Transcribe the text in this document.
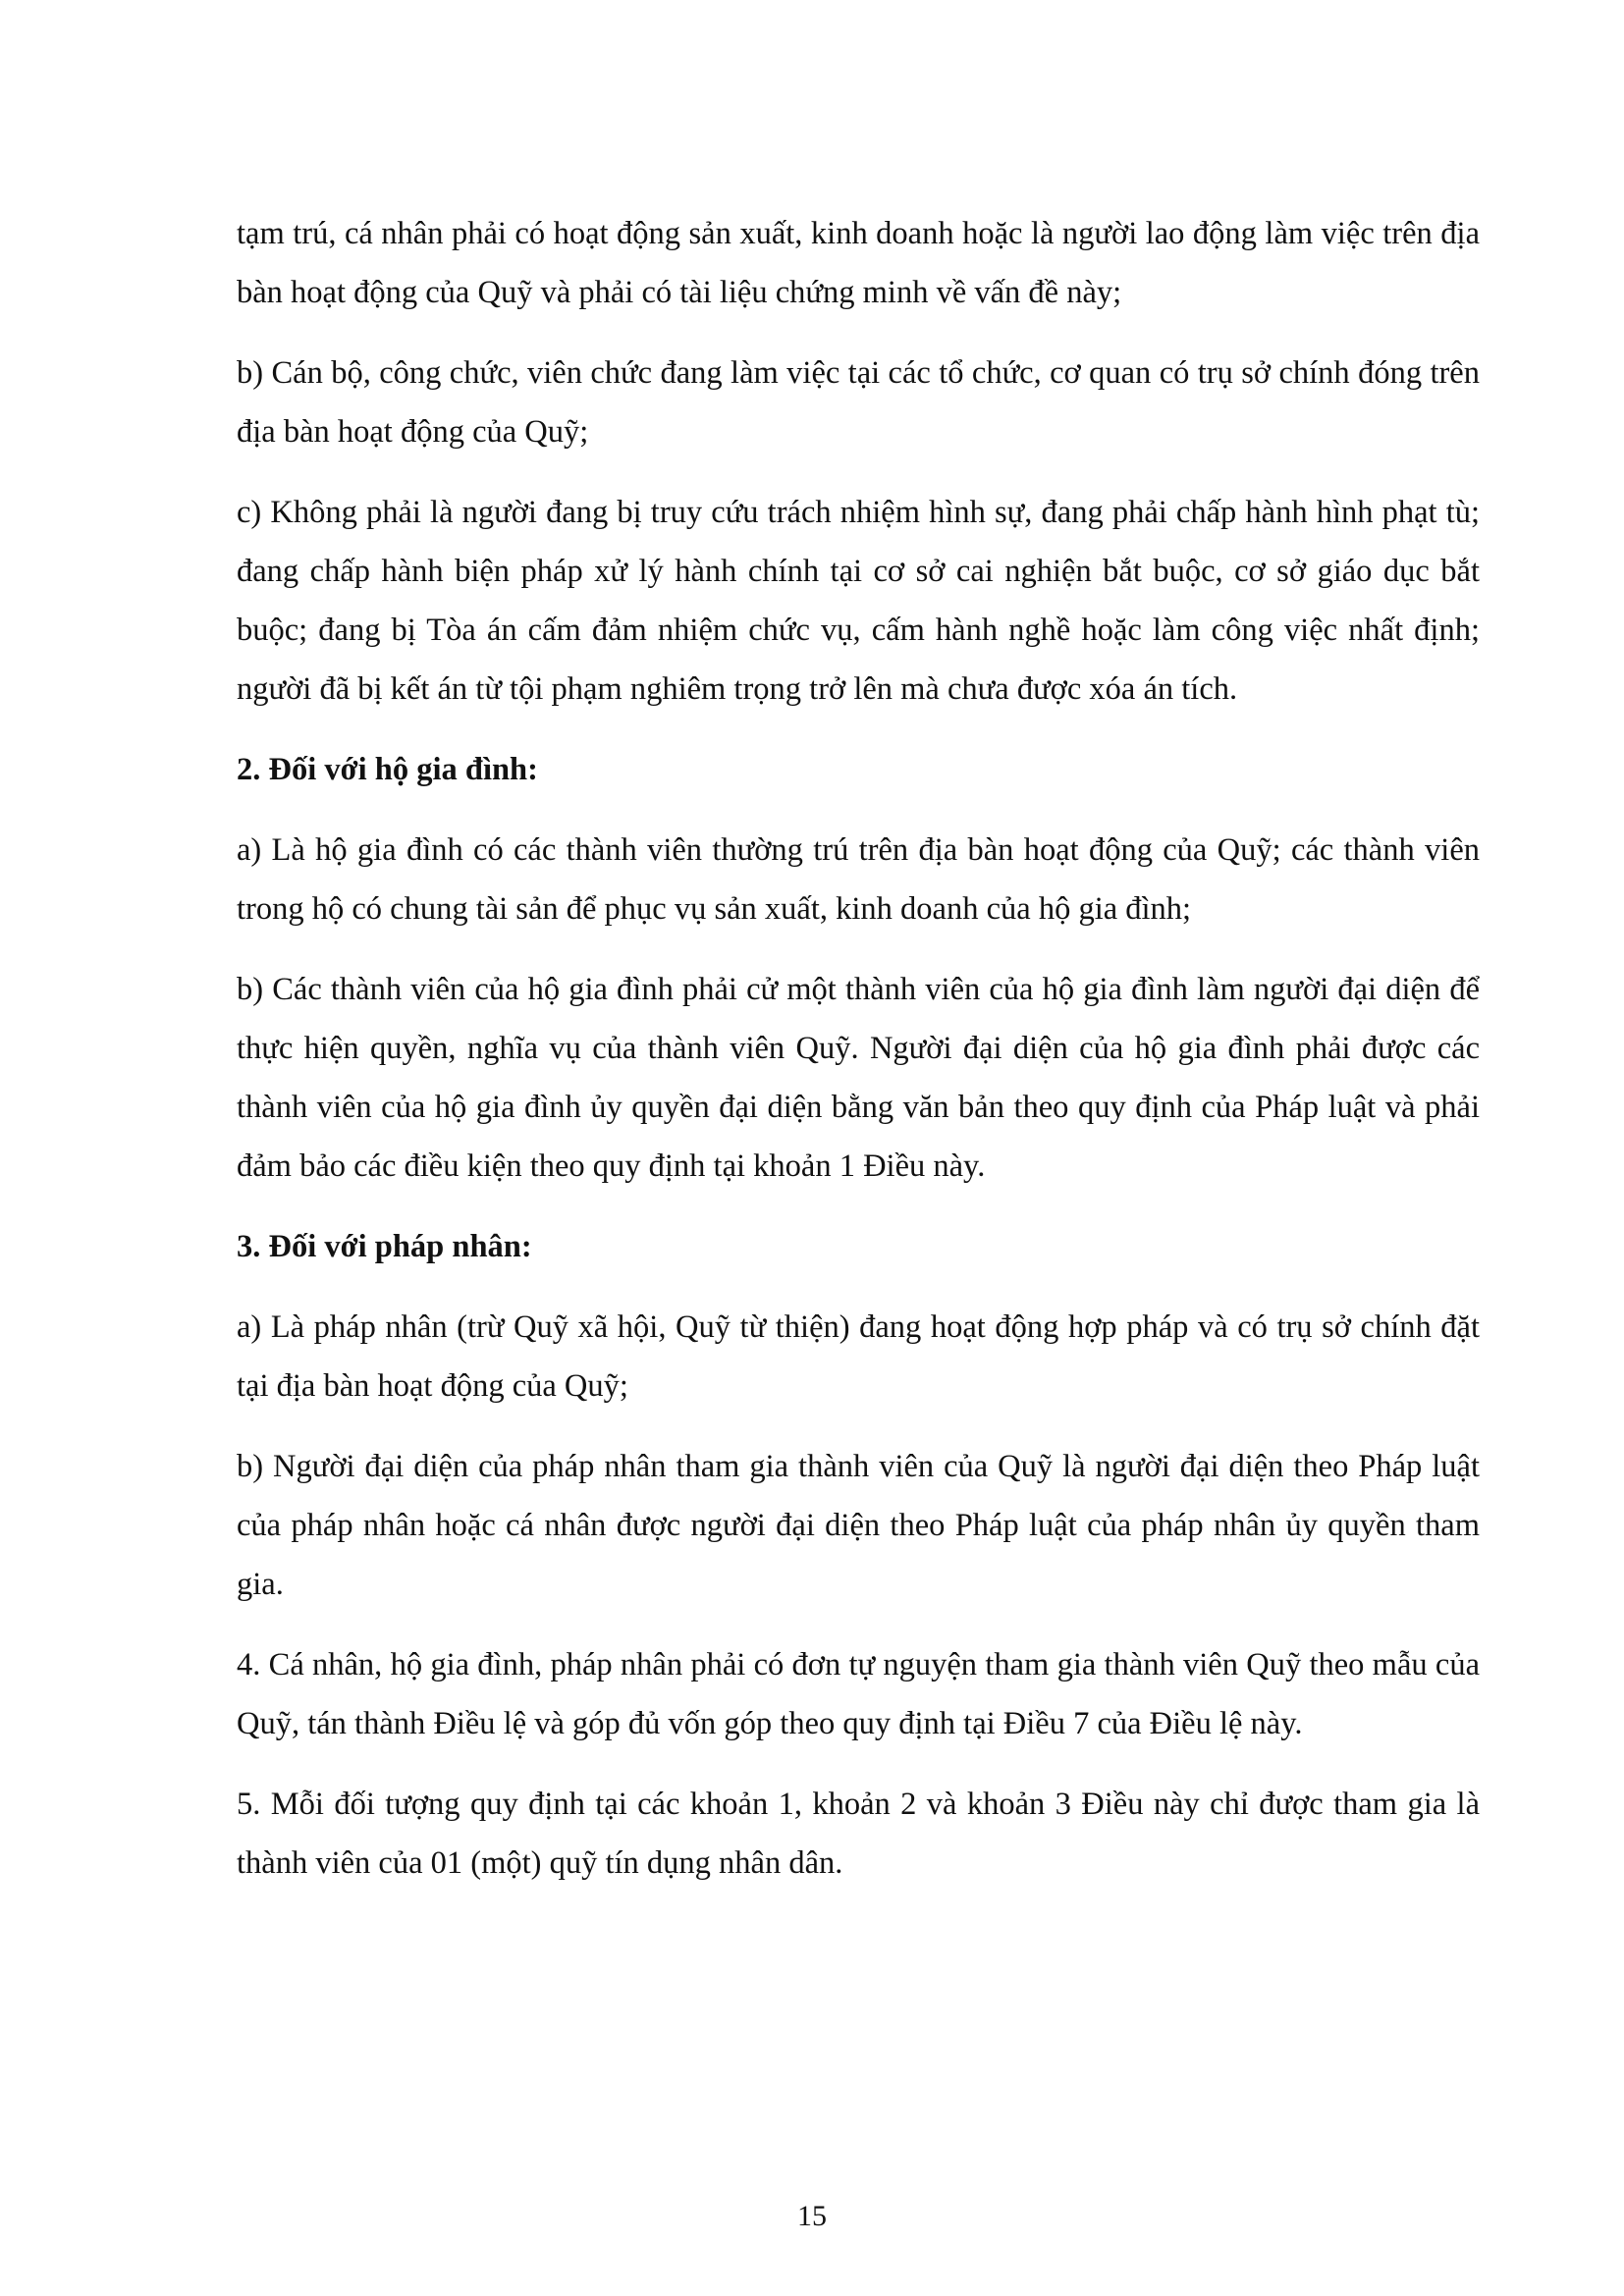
tạm trú, cá nhân phải có hoạt động sản xuất, kinh doanh hoặc là người lao động làm việc trên địa bàn hoạt động của Quỹ và phải có tài liệu chứng minh về vấn đề này;

b) Cán bộ, công chức, viên chức đang làm việc tại các tổ chức, cơ quan có trụ sở chính đóng trên địa bàn hoạt động của Quỹ;

c) Không phải là người đang bị truy cứu trách nhiệm hình sự, đang phải chấp hành hình phạt tù; đang chấp hành biện pháp xử lý hành chính tại cơ sở cai nghiện bắt buộc, cơ sở giáo dục bắt buộc; đang bị Tòa án cấm đảm nhiệm chức vụ, cấm hành nghề hoặc làm công việc nhất định; người đã bị kết án từ tội phạm nghiêm trọng trở lên mà chưa được xóa án tích.

2. Đối với hộ gia đình:

a) Là hộ gia đình có các thành viên thường trú trên địa bàn hoạt động của Quỹ; các thành viên trong hộ có chung tài sản để phục vụ sản xuất, kinh doanh của hộ gia đình;

b) Các thành viên của hộ gia đình phải cử một thành viên của hộ gia đình làm người đại diện để thực hiện quyền, nghĩa vụ của thành viên Quỹ. Người đại diện của hộ gia đình phải được các thành viên của hộ gia đình ủy quyền đại diện bằng văn bản theo quy định của Pháp luật và phải đảm bảo các điều kiện theo quy định tại khoản 1 Điều này.

3. Đối với pháp nhân:

a) Là pháp nhân (trừ Quỹ xã hội, Quỹ từ thiện) đang hoạt động hợp pháp và có trụ sở chính đặt tại địa bàn hoạt động của Quỹ;

b) Người đại diện của pháp nhân tham gia thành viên của Quỹ là người đại diện theo Pháp luật của pháp nhân hoặc cá nhân được người đại diện theo Pháp luật của pháp nhân ủy quyền tham gia.

4. Cá nhân, hộ gia đình, pháp nhân phải có đơn tự nguyện tham gia thành viên Quỹ theo mẫu của Quỹ, tán thành Điều lệ và góp đủ vốn góp theo quy định tại Điều 7 của Điều lệ này.

5. Mỗi đối tượng quy định tại các khoản 1, khoản 2 và khoản 3 Điều này chỉ được tham gia là thành viên của 01 (một) quỹ tín dụng nhân dân.

15
